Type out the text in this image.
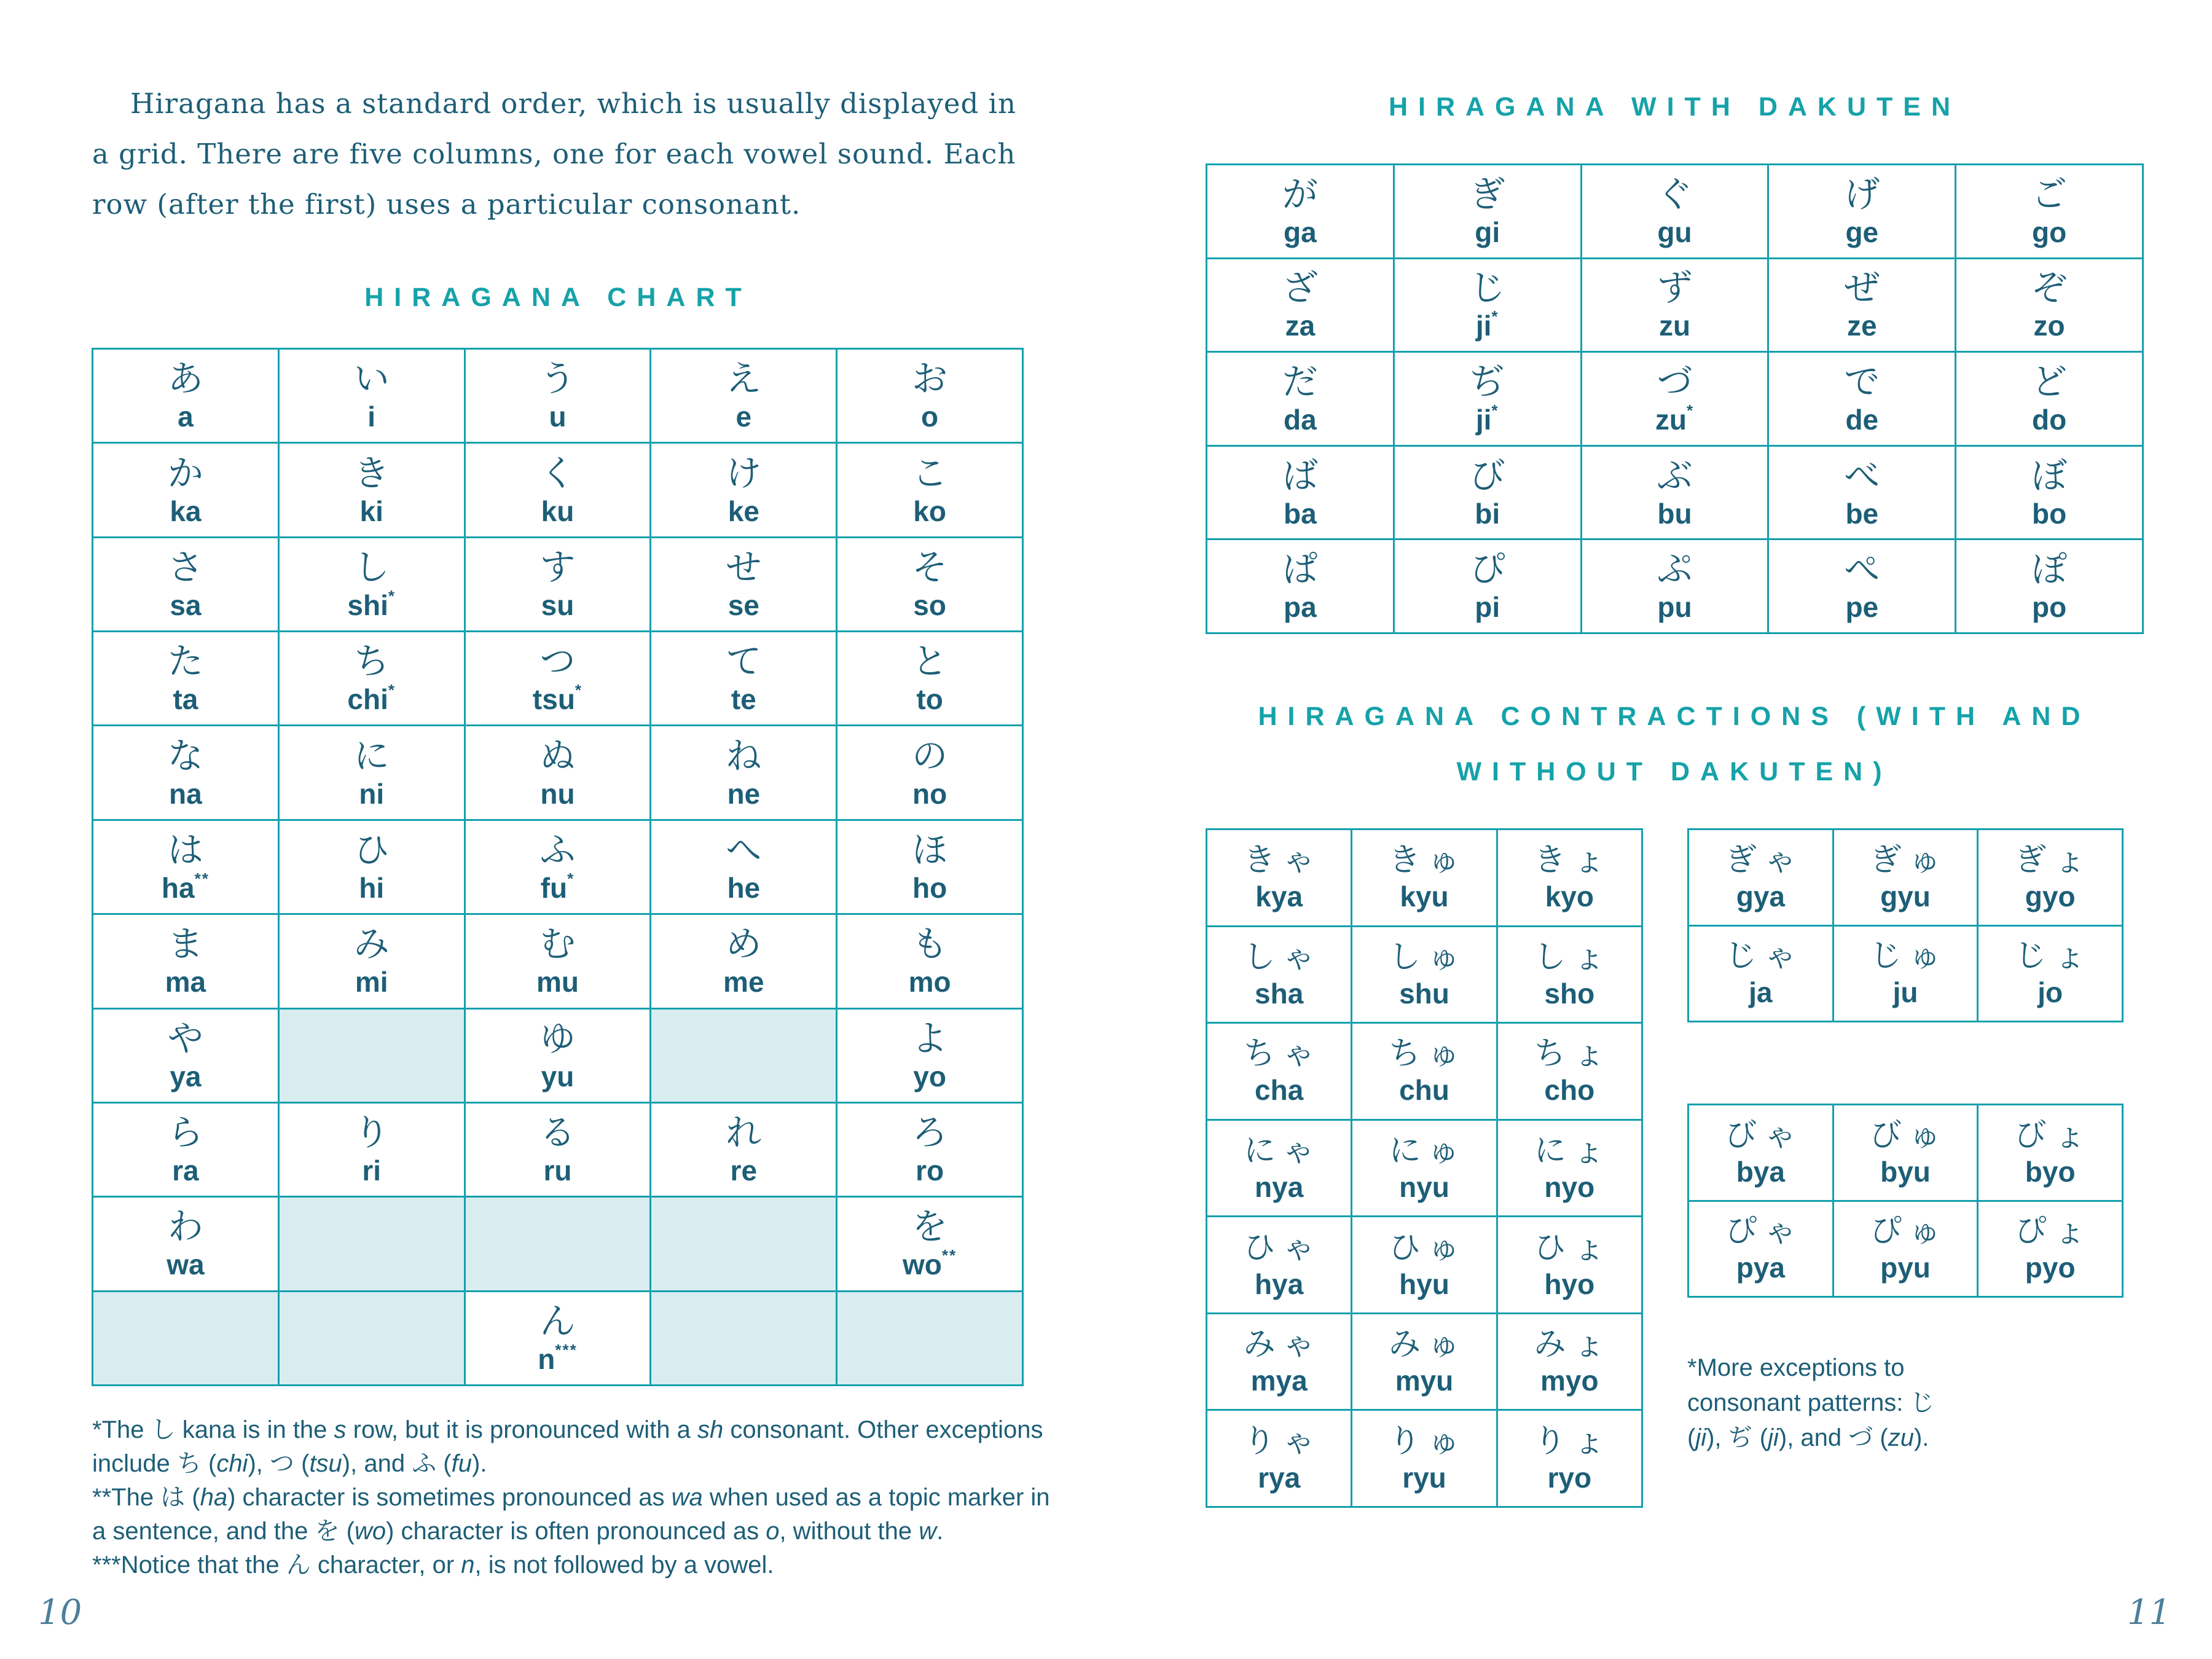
Hiragana has a standard order, which is usually displayed in a grid. There are five columns, one for each vowel sound. Each row (after the first) uses a particular consonant.
HIRAGANA CHART
あ
a
い
i
う
u
え
e
お
o
か
ka
き
ki
く
ku
け
ke
こ
ko
さ
sa
し
shi*
す
su
せ
se
そ
so
た
ta
ち
chi*
つ
tsu*
て
te
と
to
な
na
に
ni
ぬ
nu
ね
ne
の
no
は
ha**
ひ
hi
ふ
fu*
へ
he
ほ
ho
ま
ma
み
mi
む
mu
め
me
も
mo
や
ya
ゆ
yu
よ
yo
ら
ra
り
ri
る
ru
れ
re
ろ
ro
わ
wa
を
wo**
ん
n***

*The し kana is in the s row, but it is pronounced with a sh consonant. Other exceptions include ち (chi), つ (tsu), and ふ (fu).

**The は (ha) character is sometimes pronounced as wa when used as a topic marker in a sentence, and the を (wo) character is often pronounced as o, without the w.

***Notice that the ん character, or n, is not followed by a vowel.

10
HIRAGANA WITH DAKUTEN
が
ga
ぎ
gi
ぐ
gu
げ
ge
ご
go
ざ
za
じ
ji*
ず
zu
ぜ
ze
ぞ
zo
だ
da
ぢ
ji*
づ
zu*
で
de
ど
do
ば
ba
び
bi
ぶ
bu
べ
be
ぼ
bo
ぱ
pa
ぴ
pi
ぷ
pu
ぺ
pe
ぽ
po
HIRAGANA CONTRACTIONS (WITH AND
WITHOUT DAKUTEN)
きゃ
kya
きゅ
kyu
きょ
kyo
しゃ
sha
しゅ
shu
しょ
sho
ちゃ
cha
ちゅ
chu
ちょ
cho
にゃ
nya
にゅ
nyu
にょ
nyo
ひゃ
hya
ひゅ
hyu
ひょ
hyo
みゃ
mya
みゅ
myu
みょ
myo
りゃ
rya
りゅ
ryu
りょ
ryo
ぎゃ
gya
ぎゅ
gyu
ぎょ
gyo
じゃ
ja
じゅ
ju
じょ
jo
びゃ
bya
びゅ
byu
びょ
byo
ぴゃ
pya
ぴゅ
pyu
ぴょ
pyo

*More exceptions to consonant patterns: じ (ji), ぢ (ji), and づ (zu).

11
